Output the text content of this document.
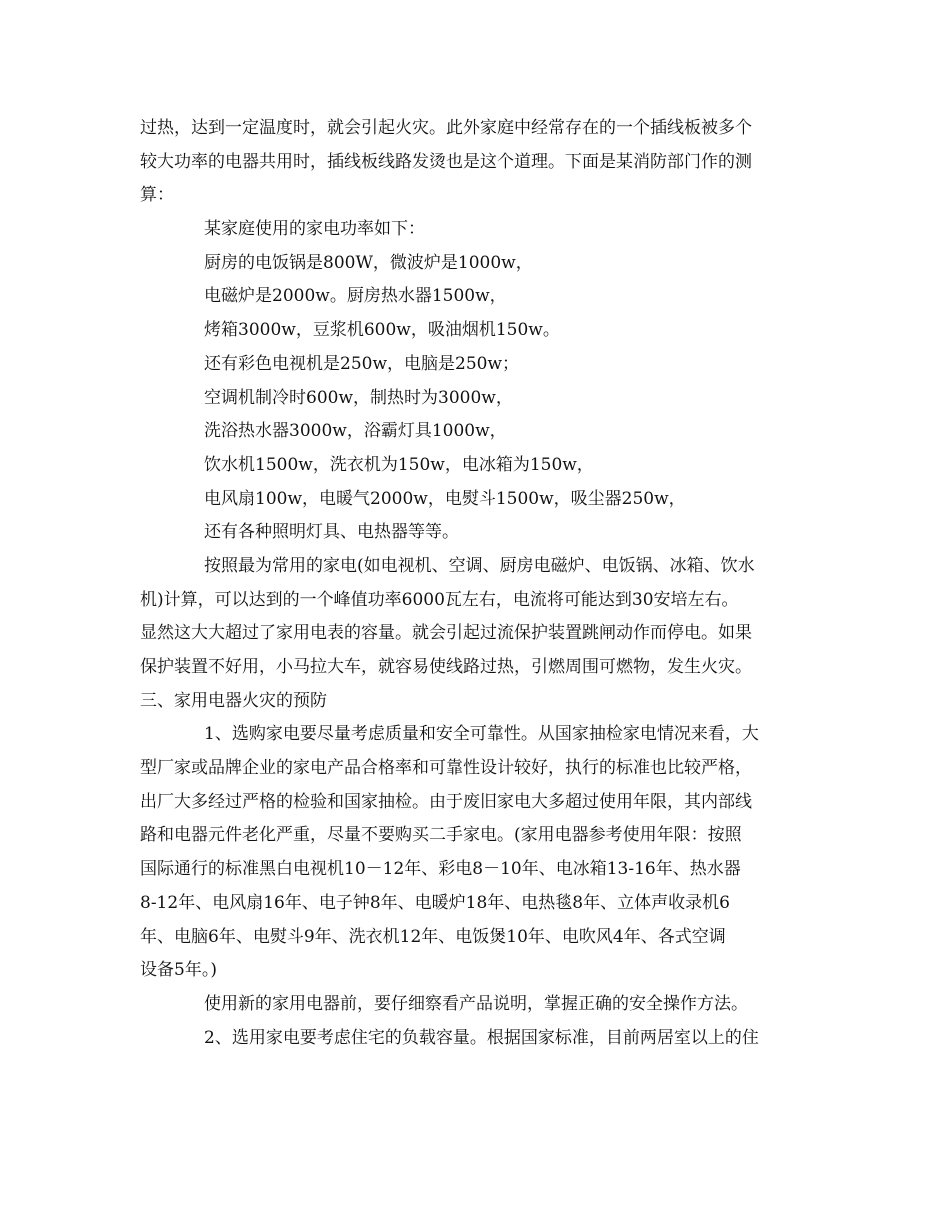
过热，达到一定温度时，就会引起火灾。此外家庭中经常存在的一个插线板被多个
较大功率的电器共用时，插线板线路发烫也是这个道理。下面是某消防部门作的测
算：
某家庭使用的家电功率如下：
厨房的电饭锅是800W，微波炉是1000w，
电磁炉是2000w。厨房热水器1500w，
烤箱3000w，豆浆机600w，吸油烟机150w。
还有彩色电视机是250w，电脑是250w；
空调机制冷时600w，制热时为3000w，
洗浴热水器3000w，浴霸灯具1000w，
饮水机1500w，洗衣机为150w，电冰箱为150w，
电风扇100w，电暖气2000w，电熨斗1500w，吸尘器250w，
还有各种照明灯具、电热器等等。
按照最为常用的家电(如电视机、空调、厨房电磁炉、电饭锅、冰箱、饮水
机)计算，可以达到的一个峰值功率6000瓦左右，电流将可能达到30安培左右。
显然这大大超过了家用电表的容量。就会引起过流保护装置跳闸动作而停电。如果
保护装置不好用，小马拉大车，就容易使线路过热，引燃周围可燃物，发生火灾。
三、家用电器火灾的预防
1、选购家电要尽量考虑质量和安全可靠性。从国家抽检家电情况来看，大
型厂家或品牌企业的家电产品合格率和可靠性设计较好，执行的标准也比较严格，
出厂大多经过严格的检验和国家抽检。由于废旧家电大多超过使用年限，其内部线
路和电器元件老化严重，尽量不要购买二手家电。(家用电器参考使用年限：按照
国际通行的标准黑白电视机10－12年、彩电8－10年、电冰箱13-16年、热水器
8-12年、电风扇16年、电子钟8年、电暖炉18年、电热毯8年、立体声收录机6
年、电脑6年、电熨斗9年、洗衣机12年、电饭煲10年、电吹风4年、各式空调
设备5年。)
使用新的家用电器前，要仔细察看产品说明，掌握正确的安全操作方法。
2、选用家电要考虑住宅的负载容量。根据国家标准，目前两居室以上的住
